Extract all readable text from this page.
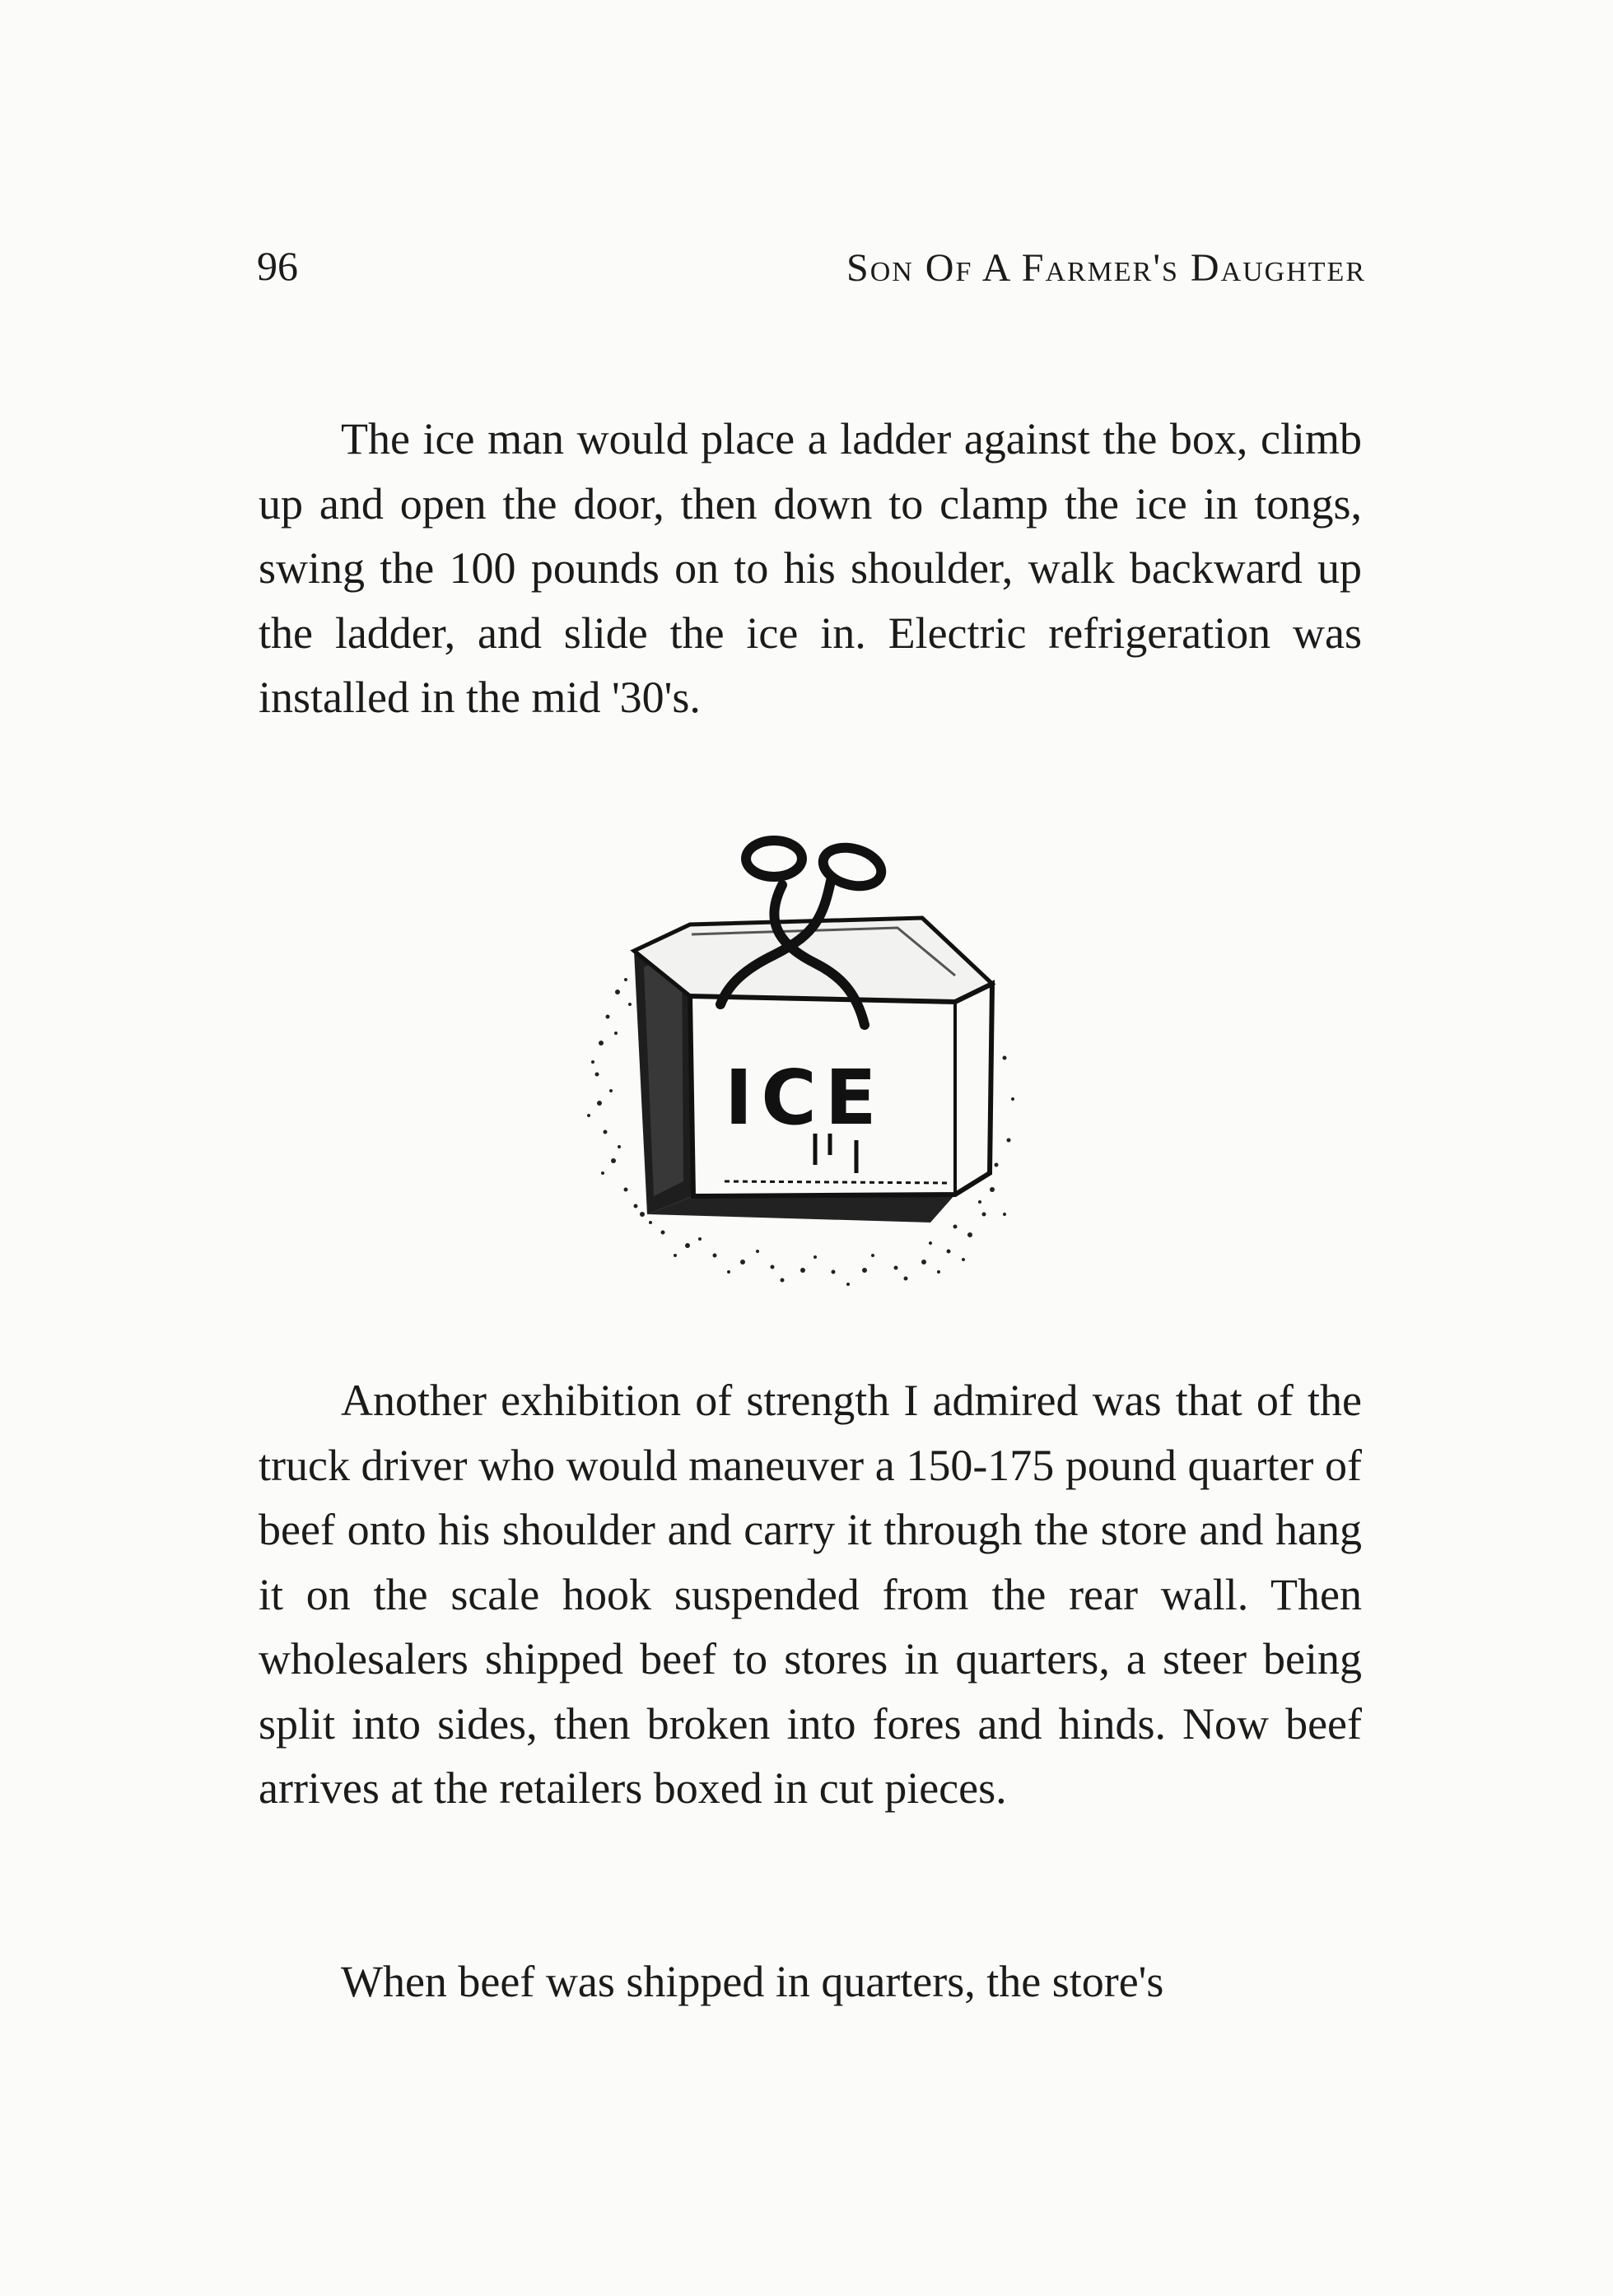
96	Son Of A Farmer's Daughter

The ice man would place a ladder against the box, climb up and open the door, then down to clamp the ice in tongs, swing the 100 pounds on to his shoulder, walk backward up the ladder, and slide the ice in. Electric refrigeration was installed in the mid '30's.

ICE

Another exhibition of strength I admired was that of the truck driver who would maneuver a 150-175 pound quarter of beef onto his shoulder and carry it through the store and hang it on the scale hook suspended from the rear wall. Then wholesalers shipped beef to stores in quarters, a steer being split into sides, then broken into fores and hinds. Now beef arrives at the retailers boxed in cut pieces.

When beef was shipped in quarters, the store's
